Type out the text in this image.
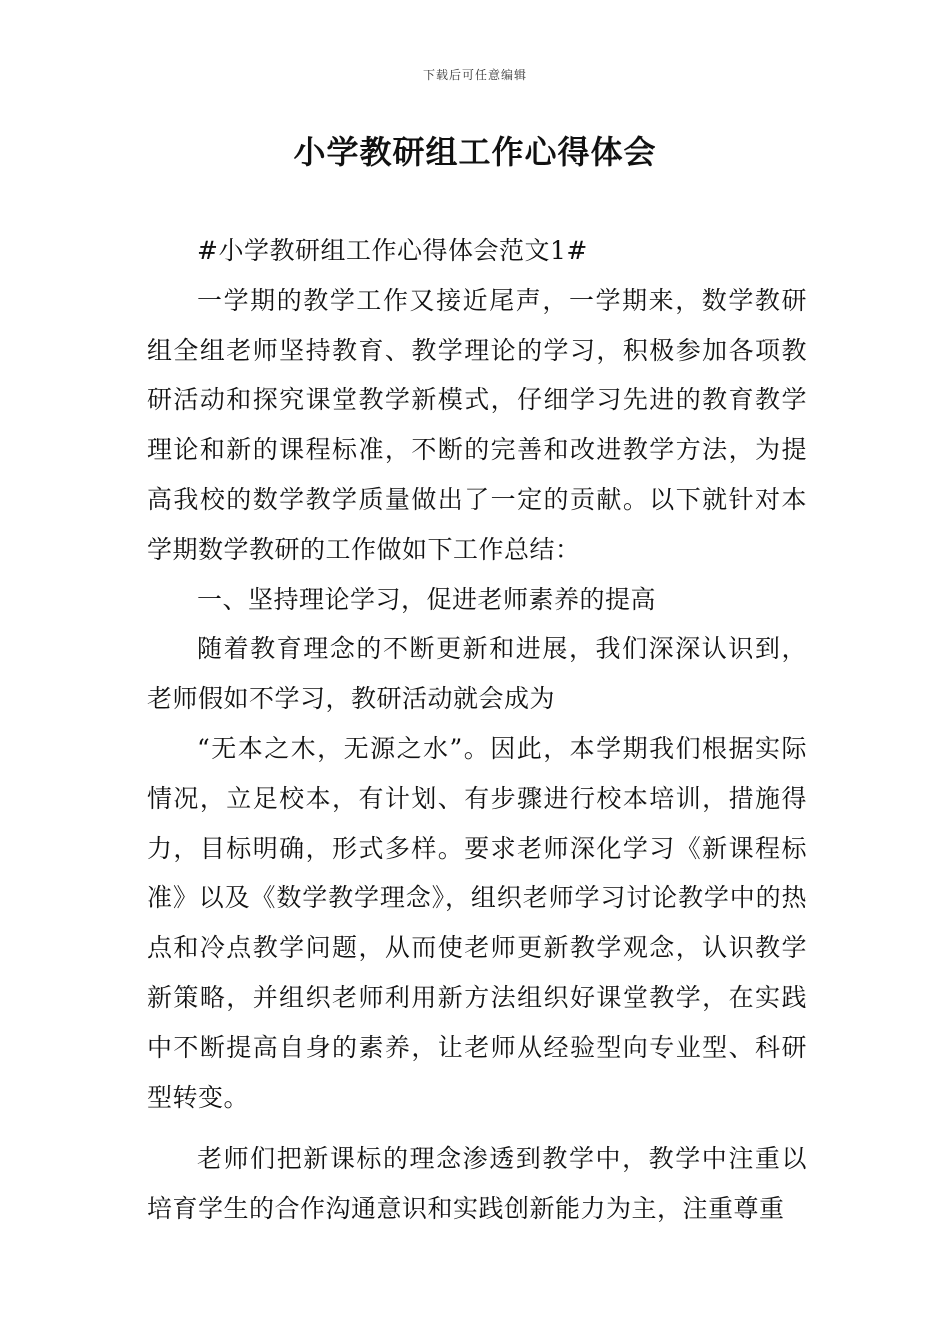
下载后可任意编辑
小学教研组工作心得体会

#小学教研组工作心得体会范文1#

一学期的教学工作又接近尾声，一学期来，数学教研组全组老师坚持教育、教学理论的学习，积极参加各项教研活动和探究课堂教学新模式，仔细学习先进的教育教学理论和新的课程标准，不断的完善和改进教学方法，为提高我校的数学教学质量做出了一定的贡献。以下就针对本学期数学教研的工作做如下工作总结：

一、坚持理论学习，促进老师素养的提高

随着教育理念的不断更新和进展，我们深深认识到，老师假如不学习，教研活动就会成为

“无本之木，无源之水”。因此，本学期我们根据实际情况，立足校本，有计划、有步骤进行校本培训，措施得力，目标明确，形式多样。要求老师深化学习《新课程标准》以及《数学教学理念》，组织老师学习讨论教学中的热点和冷点教学问题，从而使老师更新教学观念，认识教学新策略，并组织老师利用新方法组织好课堂教学，在实践中不断提高自身的素养，让老师从经验型向专业型、科研型转变。

老师们把新课标的理念渗透到教学中，教学中注重以培育学生的合作沟通意识和实践创新能力为主，注重尊重
